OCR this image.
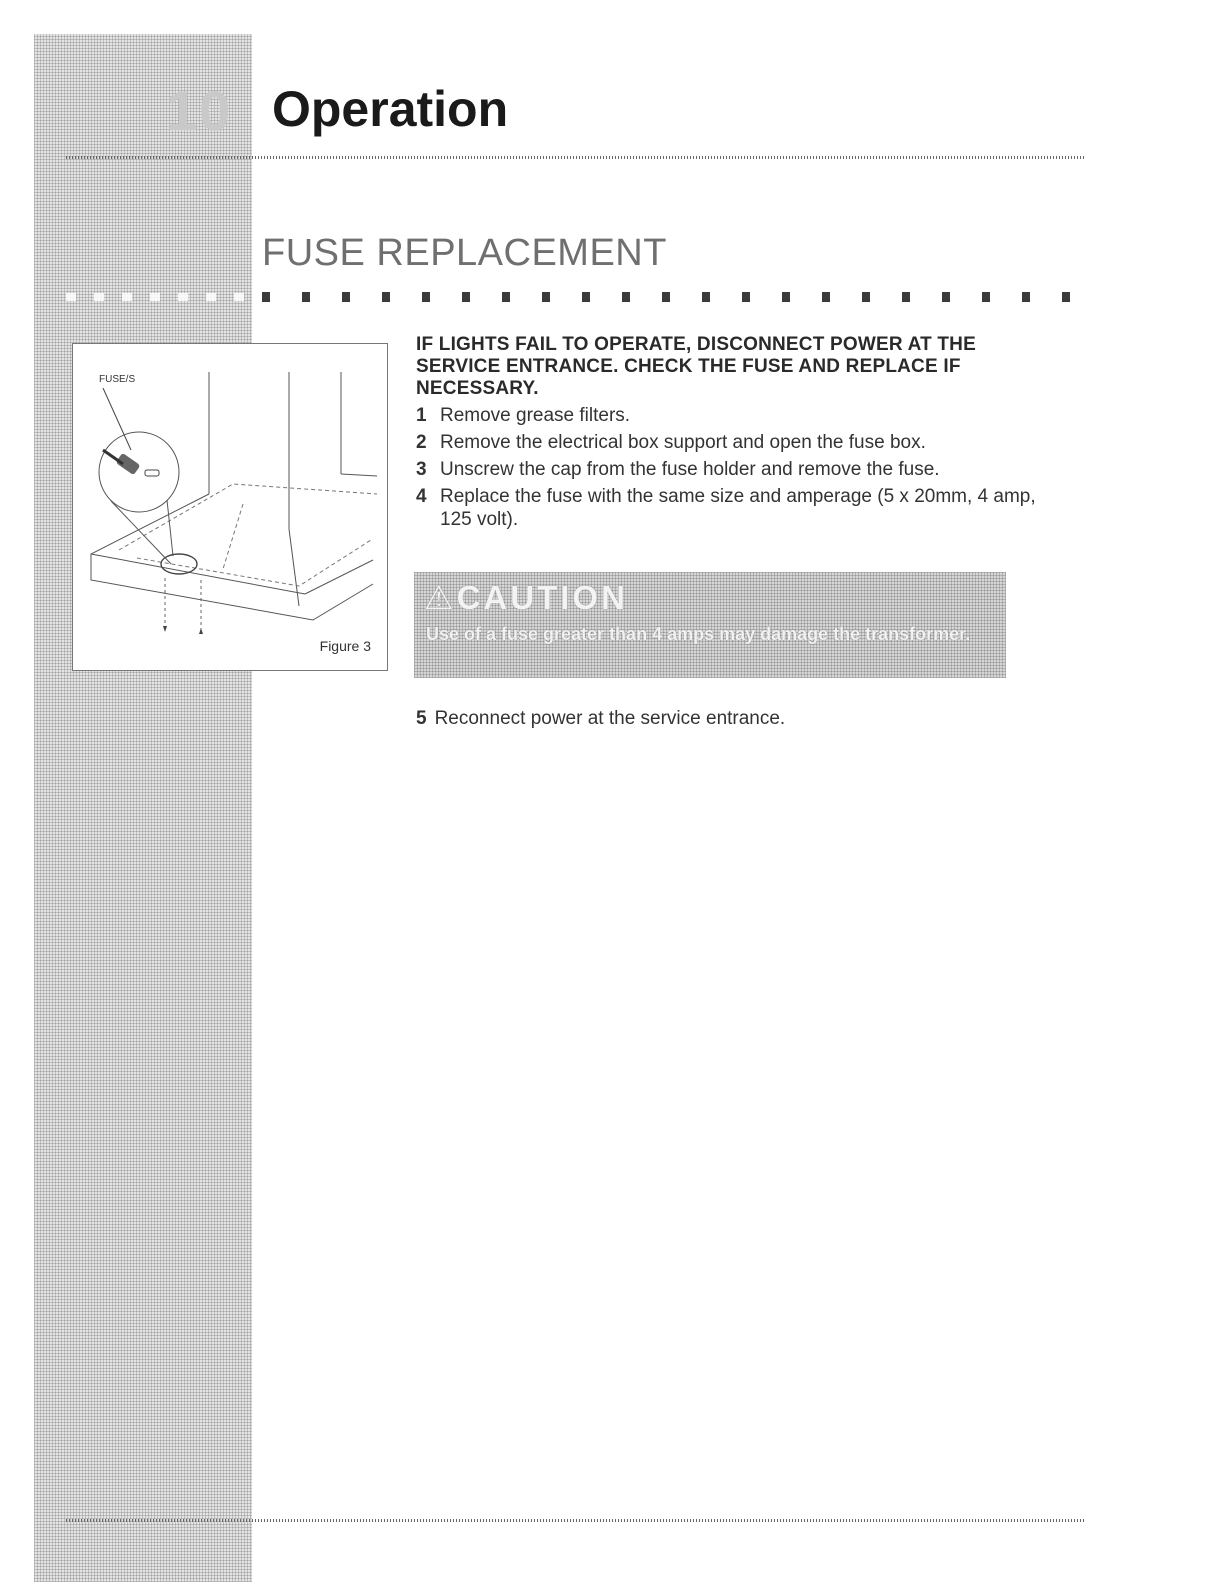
10 Operation
FUSE REPLACEMENT
FUSE/S
Figure 3
IF LIGHTS FAIL TO OPERATE, DISCONNECT POWER AT THE SERVICE ENTRANCE. CHECK THE FUSE AND REPLACE IF NECESSARY.
1 Remove grease filters.
2 Remove the electrical box support and open the fuse box.
3 Unscrew the cap from the fuse holder and remove the fuse.
4 Replace the fuse with the same size and amperage (5 x 20mm, 4 amp, 125 volt).
⚠CAUTION
Use of a fuse greater than 4 amps may damage the transformer.
5 Reconnect power at the service entrance.
